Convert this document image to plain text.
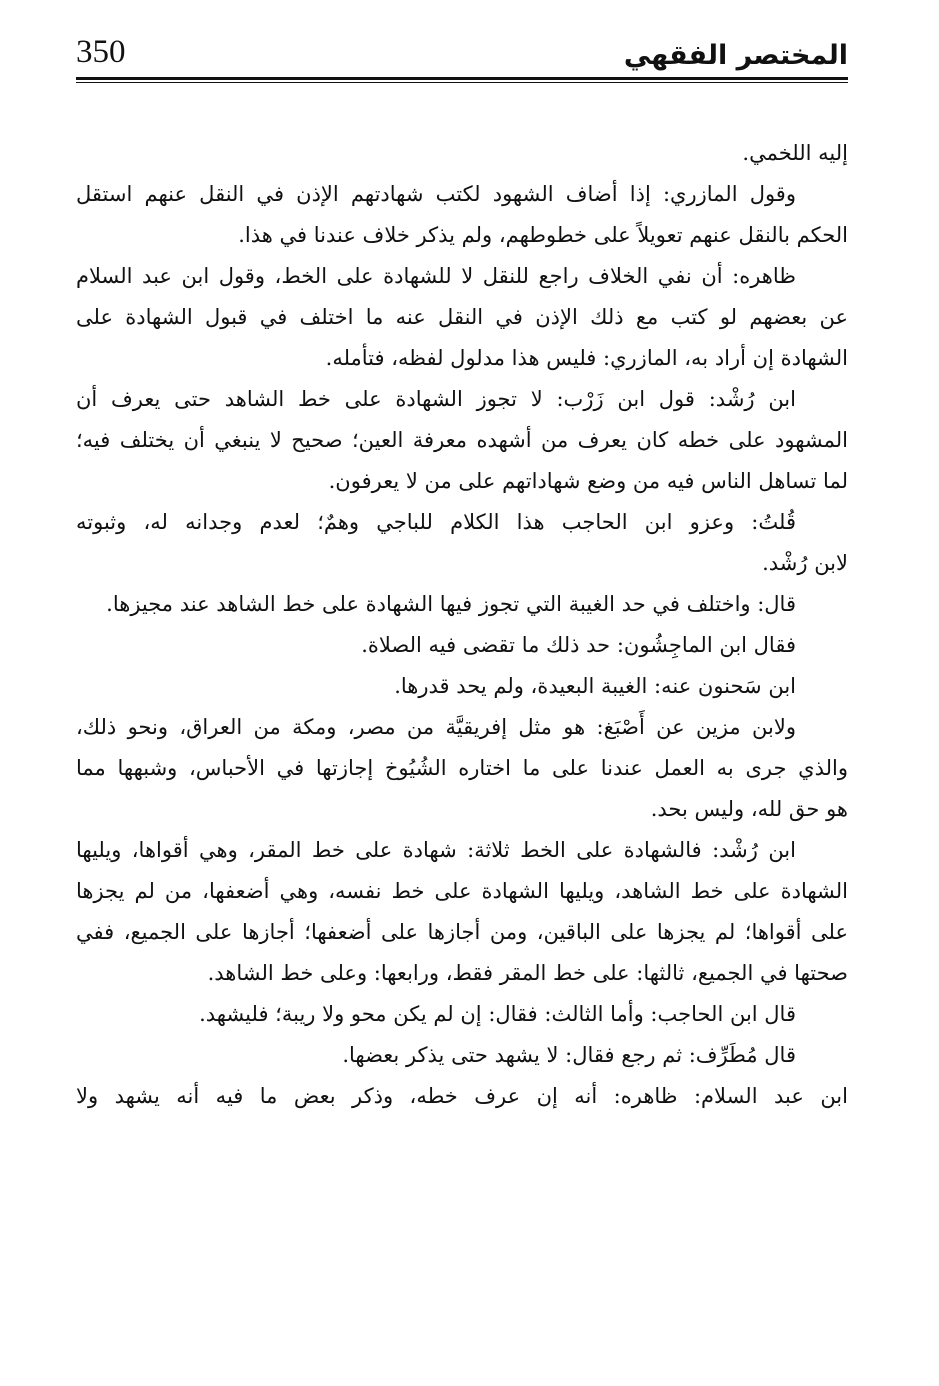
المختصر الفقهي
350

إليه اللخمي.

وقول المازري: إذا أضاف الشهود لكتب شهادتهم الإذن في النقل عنهم استقل

الحكم بالنقل عنهم تعويلاً على خطوطهم، ولم يذكر خلاف عندنا في هذا.

ظاهره: أن نفي الخلاف راجع للنقل لا للشهادة على الخط، وقول ابن عبد السلام

عن بعضهم لو كتب مع ذلك الإذن في النقل عنه ما اختلف في قبول الشهادة على

الشهادة إن أراد به، المازري: فليس هذا مدلول لفظه، فتأمله.

ابن رُشْد: قول ابن زَرْب: لا تجوز الشهادة على خط الشاهد حتى يعرف أن

المشهود على خطه كان يعرف من أشهده معرفة العين؛ صحيح لا ينبغي أن يختلف فيه؛

لما تساهل الناس فيه من وضع شهاداتهم على من لا يعرفون.

قُلتُ: وعزو ابن الحاجب هذا الكلام للباجي وهمٌ؛ لعدم وجدانه له، وثبوته

لابن رُشْد.

قال: واختلف في حد الغيبة التي تجوز فيها الشهادة على خط الشاهد عند مجيزها.

فقال ابن الماجِشُون: حد ذلك ما تقضى فيه الصلاة.

ابن سَحنون عنه: الغيبة البعيدة، ولم يحد قدرها.

ولابن مزين عن أَصْبَغ: هو مثل إفريقيَّة من مصر، ومكة من العراق، ونحو ذلك،

والذي جرى به العمل عندنا على ما اختاره الشُيُوخ إجازتها في الأحباس، وشبهها مما

هو حق لله، وليس بحد.

ابن رُشْد: فالشهادة على الخط ثلاثة: شهادة على خط المقر، وهي أقواها، ويليها

الشهادة على خط الشاهد، ويليها الشهادة على خط نفسه، وهي أضعفها، من لم يجزها

على أقواها؛ لم يجزها على الباقين، ومن أجازها على أضعفها؛ أجازها على الجميع، ففي

صحتها في الجميع، ثالثها: على خط المقر فقط، ورابعها: وعلى خط الشاهد.

قال ابن الحاجب: وأما الثالث: فقال: إن لم يكن محو ولا ريبة؛ فليشهد.

قال مُطَرِّف: ثم رجع فقال: لا يشهد حتى يذكر بعضها.

ابن عبد السلام: ظاهره: أنه إن عرف خطه، وذكر بعض ما فيه أنه يشهد ولا
